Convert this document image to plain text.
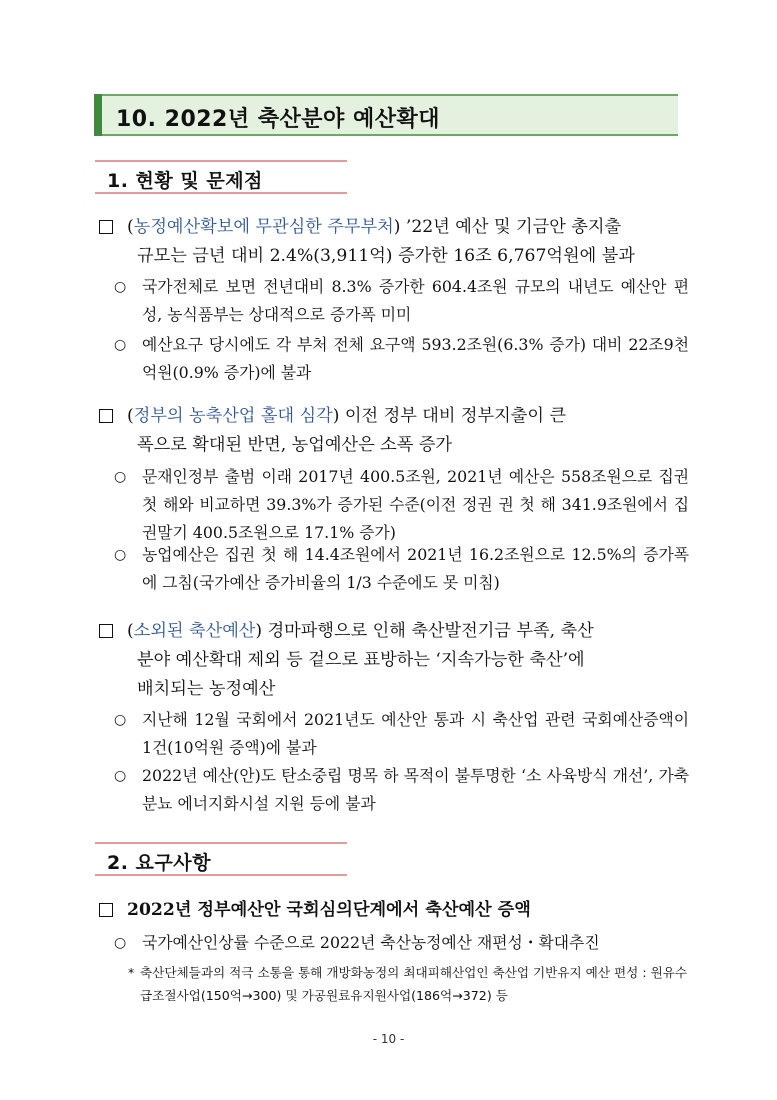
10. 2022년 축산분야 예산확대
1. 현황 및 문제점
(농정예산확보에 무관심한 주무부처) ’22년 예산 및 기금안 총지출
규모는 금년 대비 2.4%(3,911억) 증가한 16조 6,767억원에 불과
○ 국가전체로 보면 전년대비 8.3% 증가한 604.4조원 규모의 내년도 예산안 편성, 농식품부는 상대적으로 증가폭 미미
○ 예산요구 당시에도 각 부처 전체 요구액 593.2조원(6.3% 증가) 대비 22조9천억원(0.9% 증가)에 불과
(정부의 농축산업 홀대 심각) 이전 정부 대비 정부지출이 큰
폭으로 확대된 반면, 농업예산은 소폭 증가
○ 문재인정부 출범 이래 2017년 400.5조원, 2021년 예산은 558조원으로 집권 첫 해와 비교하면 39.3%가 증가된 수준(이전 정권 권 첫 해 341.9조원에서 집권말기 400.5조원으로 17.1% 증가)
○ 농업예산은 집권 첫 해 14.4조원에서 2021년 16.2조원으로 12.5%의 증가폭에 그침(국가예산 증가비율의 1/3 수준에도 못 미침)
(소외된 축산예산) 경마파행으로 인해 축산발전기금 부족, 축산
분야 예산확대 제외 등 겉으로 표방하는 ‘지속가능한 축산’에
배치되는 농정예산
○ 지난해 12월 국회에서 2021년도 예산안 통과 시 축산업 관련 국회예산증액이 1건(10억원 증액)에 불과
○ 2022년 예산(안)도 탄소중립 명목 하 목적이 불투명한 ‘소 사육방식 개선’, 가축분뇨 에너지화시설 지원 등에 불과
2. 요구사항
2022년 정부예산안 국회심의단계에서 축산예산 증액
○ 국가예산인상률 수준으로 2022년 축산농정예산 재편성・확대추진
* 축산단체들과의 적극 소통을 통해 개방화농정의 최대피해산업인 축산업 기반유지 예산 편성 : 원유수급조절사업(150억→300) 및 가공원료유지원사업(186억→372) 등
- 10 -
